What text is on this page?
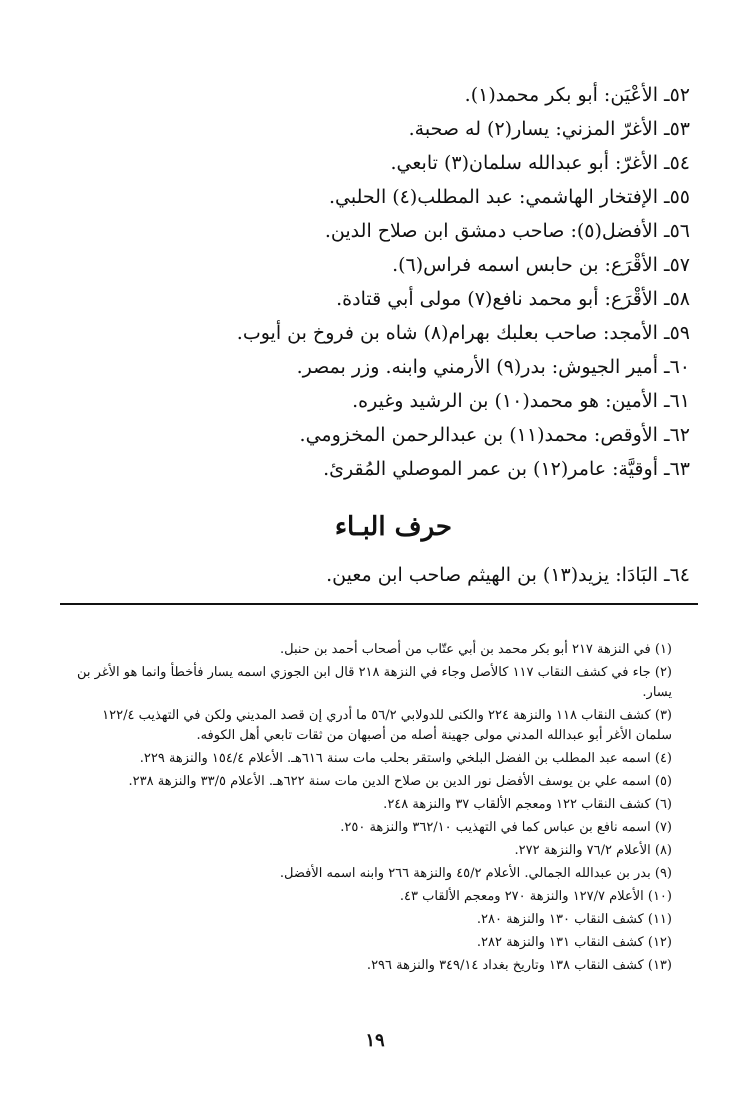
٥٢ـ الأعْيَن: أبو بكر محمد(١).
٥٣ـ الأغرّ المزني: يسار(٢) له صحبة.
٥٤ـ الأغرّ: أبو عبدالله سلمان(٣) تابعي.
٥٥ـ الإفتخار الهاشمي: عبد المطلب(٤) الحلبي.
٥٦ـ الأفضل(٥): صاحب دمشق ابن صلاح الدين.
٥٧ـ الأقْرَع: بن حابس اسمه فراس(٦).
٥٨ـ الأقْرَع: أبو محمد نافع(٧) مولى أبي قتادة.
٥٩ـ الأمجد: صاحب بعلبك بهرام(٨) شاه بن فروخ بن أيوب.
٦٠ـ أمير الجيوش: بدر(٩) الأرمني وابنه. وزر بمصر.
٦١ـ الأمين: هو محمد(١٠) بن الرشيد وغيره.
٦٢ـ الأوقص: محمد(١١) بن عبدالرحمن المخزومي.
٦٣ـ أوقيَّة: عامر(١٢) بن عمر الموصلي المُقرئ.
حرف البـاء
٦٤ـ البَادَا: يزيد(١٣) بن الهيثم صاحب ابن معين.
(١) في النزهة ٢١٧ أبو بكر محمد بن أبي عتّاب من أصحاب أحمد بن حنبل.
(٢) جاء في كشف النقاب ١١٧ كالأصل وجاء في النزهة ٢١٨ قال ابن الجوزي اسمه يسار فأخطأ وانما هو الأغر بن يسار.
(٣) كشف النقاب ١١٨ والنزهة ٢٢٤ والكنى للدولابي ٥٦/٢ ما أدري إن قصد المديني ولكن في التهذيب ١٢٢/٤ سلمان الأغر أبو عبدالله المدني مولى جهينة أصله من أصبهان من ثقات تابعي أهل الكوفه.
(٤) اسمه عبد المطلب بن الفضل البلخي واستقر بحلب مات سنة ٦١٦هـ. الأعلام ١٥٤/٤ والنزهة ٢٢٩.
(٥) اسمه علي بن يوسف الأفضل نور الدين بن صلاح الدين مات سنة ٦٢٢هـ. الأعلام ٣٣/٥ والنزهة ٢٣٨.
(٦) كشف النقاب ١٢٢ ومعجم الألقاب ٣٧ والنزهة ٢٤٨.
(٧) اسمه نافع بن عباس كما في التهذيب ٣٦٢/١٠ والنزهة ٢٥٠.
(٨) الأعلام ٧٦/٢ والنزهة ٢٧٢.
(٩) بدر بن عبدالله الجمالي. الأعلام ٤٥/٢ والنزهة ٢٦٦ وابنه اسمه الأفضل.
(١٠) الأعلام ١٢٧/٧ والنزهة ٢٧٠ ومعجم الألقاب ٤٣.
(١١) كشف النقاب ١٣٠ والنزهة ٢٨٠.
(١٢) كشف النقاب ١٣١ والنزهة ٢٨٢.
(١٣) كشف النقاب ١٣٨ وتاريخ بغداد ٣٤٩/١٤ والنزهة ٢٩٦.
١٩
